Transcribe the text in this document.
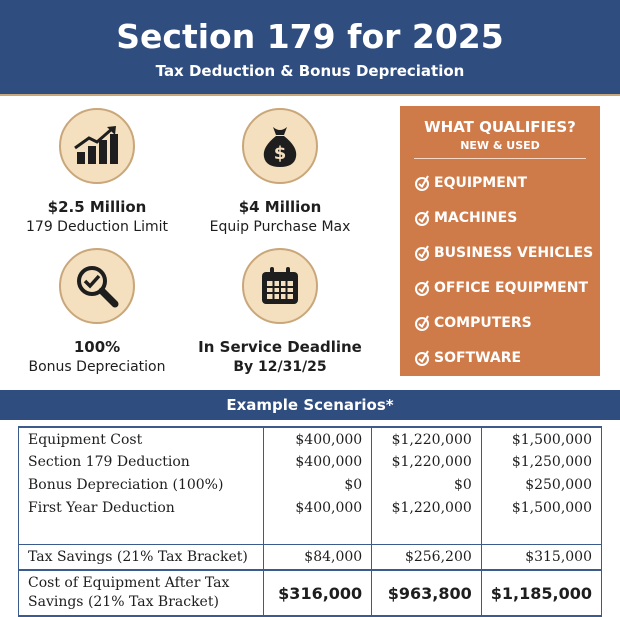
Section 179 for 2025
Tax Deduction & Bonus Depreciation
$2.5 Million
179 Deduction Limit
$
$4 Million
Equip Purchase Max
100%
Bonus Depreciation
In Service Deadline
By 12/31/25
WHAT QUALIFIES?
NEW & USED
EQUIPMENT
MACHINES
BUSINESS VEHICLES
OFFICE EQUIPMENT
COMPUTERS
SOFTWARE
Example Scenarios*
Equipment Cost	$400,000	$1,220,000	$1,500,000
Section 179 Deduction	$400,000	$1,220,000	$1,250,000
Bonus Depreciation (100%)	$0	$0	$250,000
First Year Deduction	$400,000	$1,220,000	$1,500,000

Tax Savings (21% Tax Bracket)	$84,000	$256,200	$315,000

Cost of Equipment After Tax
Savings (21% Tax Bracket)	$316,000	$963,800	$1,185,000
